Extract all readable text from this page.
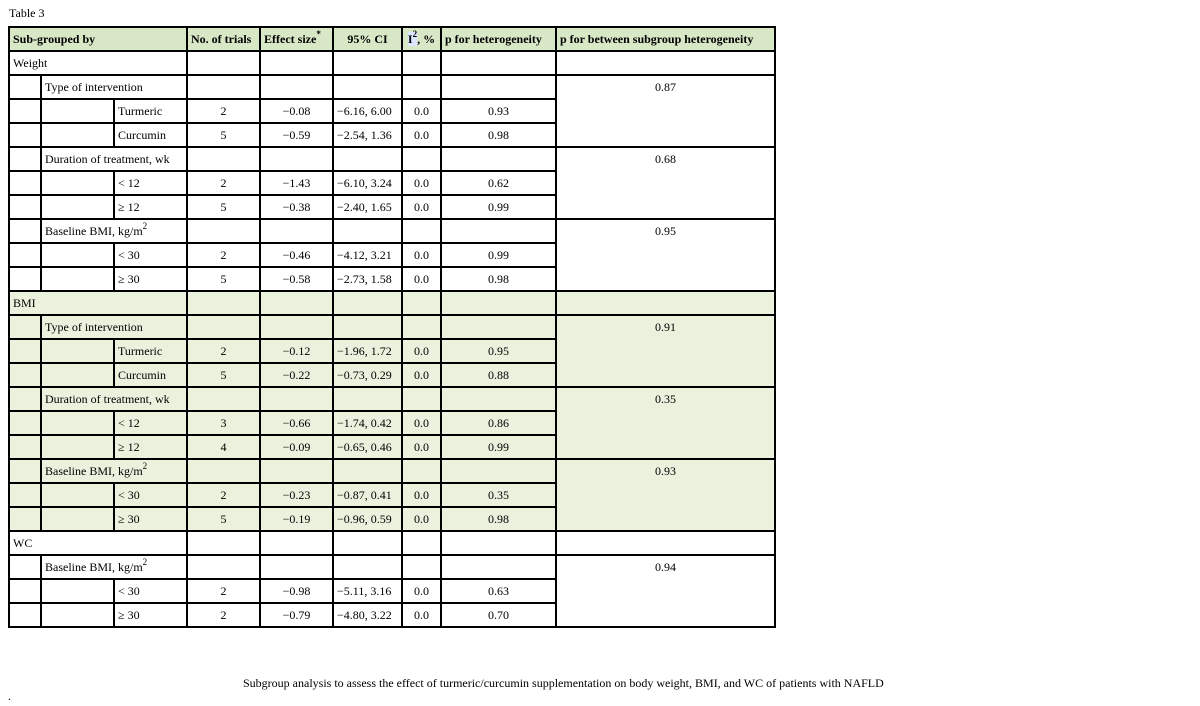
Table 3
Sub-grouped by			No. of trials	Effect size*	95% CI	$I^2$, %	p for heterogeneity	p for between subgroup heterogeneity
Weight								
	Type of intervention							0.87
		Turmeric	2	−0.08	−6.16, 6.00	0.0	0.93	
		Curcumin	5	−0.59	−2.54, 1.36	0.0	0.98	
	Duration of treatment, wk							0.68
		< 12	2	−1.43	−6.10, 3.24	0.0	0.62	
		≥ 12	5	−0.38	−2.40, 1.65	0.0	0.99	
	Baseline BMI, $kg/m^2$							0.95
		< 30	2	−0.46	−4.12, 3.21	0.0	0.99	
		≥ 30	5	−0.58	−2.73, 1.58	0.0	0.98	
BMI								
	Type of intervention							0.91
		Turmeric	2	−0.12	−1.96, 1.72	0.0	0.95	
		Curcumin	5	−0.22	−0.73, 0.29	0.0	0.88	
	Duration of treatment, wk							0.35
		< 12	3	−0.66	−1.74, 0.42	0.0	0.86	
		≥ 12	4	−0.09	−0.65, 0.46	0.0	0.99	
	Baseline BMI, $kg/m^2$							0.93
		< 30	2	−0.23	−0.87, 0.41	0.0	0.35	
		≥ 30	5	−0.19	−0.96, 0.59	0.0	0.98	
WC								
	Baseline BMI, $kg/m^2$							0.94
		< 30	2	−0.98	−5.11, 3.16	0.0	0.63	
		≥ 30	2	−0.79	−4.80, 3.22	0.0	0.70	
Subgroup analysis to assess the effect of turmeric/curcumin supplementation on body weight, BMI, and WC of patients with NAFLD
.
